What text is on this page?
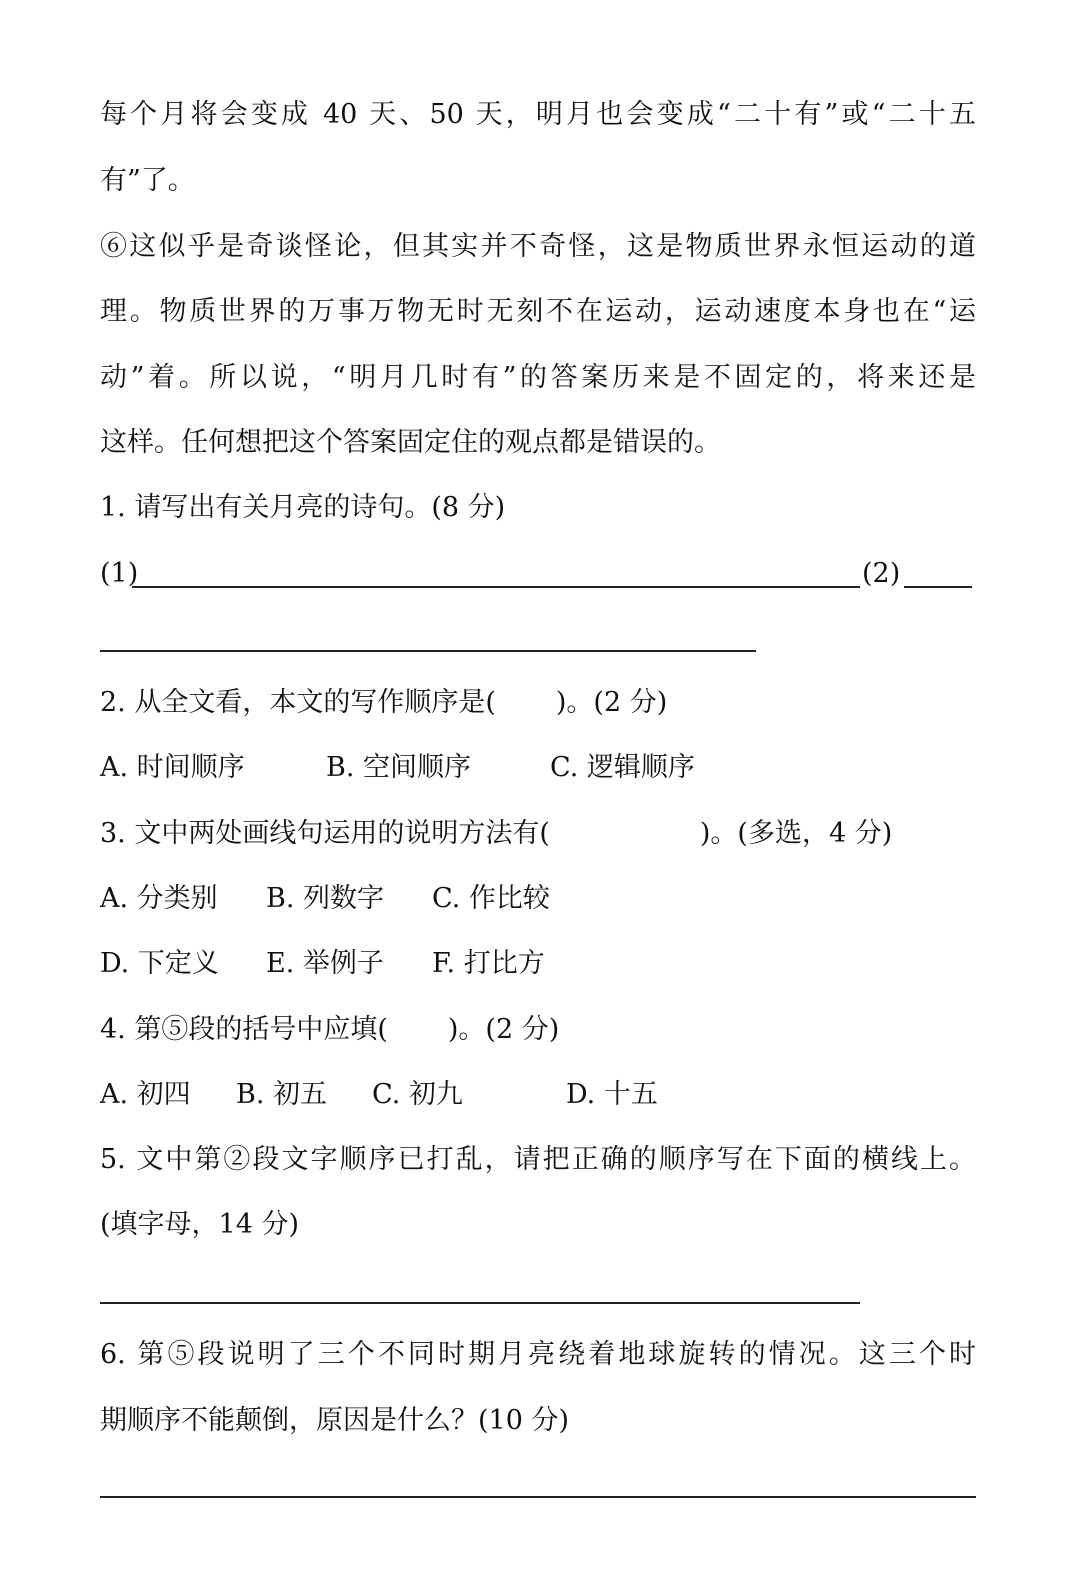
每个月将会变成 40 天、50 天，明月也会变成“二十有”或“二十五
有”了。
⑥这似乎是奇谈怪论，但其实并不奇怪，这是物质世界永恒运动的道
理。物质世界的万事万物无时无刻不在运动，运动速度本身也在“运
动”着。所以说，“明月几时有”的答案历来是不固定的，将来还是
这样。任何想把这个答案固定住的观点都是错误的。
1. 请写出有关月亮的诗句。(8 分)
(1)	(2)
2. 从全文看，本文的写作顺序是( )。(2 分)
A. 时间顺序	B. 空间顺序	C. 逻辑顺序
3. 文中两处画线句运用的说明方法有(	)。(多选，4 分)
A. 分类别 B. 列数字 C. 作比较
D. 下定义 E. 举例子 F. 打比方
4. 第⑤段的括号中应填( )。(2 分)
A. 初四 B. 初五 C. 初九	D. 十五
5. 文中第②段文字顺序已打乱，请把正确的顺序写在下面的横线上。
(填字母，14 分)
6. 第⑤段说明了三个不同时期月亮绕着地球旋转的情况。这三个时
期顺序不能颠倒，原因是什么？(10 分)
